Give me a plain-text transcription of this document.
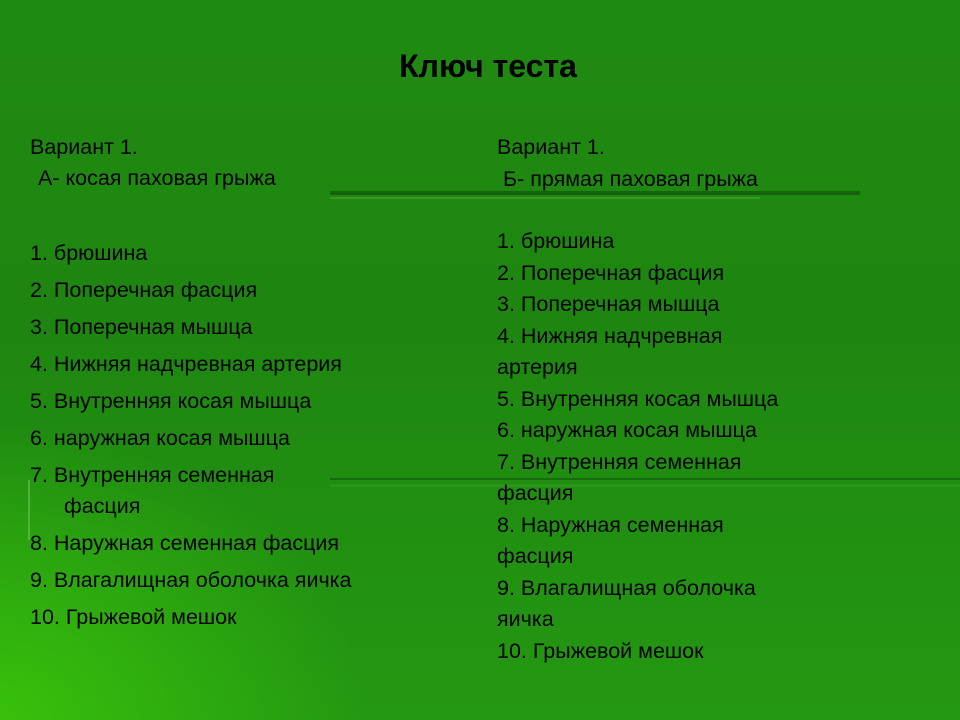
Ключ теста
Вариант 1.
А- косая паховая грыжа
1. брюшина
2. Поперечная фасция
3. Поперечная мышца
4. Нижняя надчревная артерия
5. Внутренняя косая мышца
6. наружная косая мышца
7. Внутренняя семенная
фасция
8. Наружная семенная фасция
9. Влагалищная оболочка яичка
10. Грыжевой мешок
Вариант 1.
Б- прямая паховая грыжа
1. брюшина
2. Поперечная фасция
3. Поперечная мышца
4. Нижняя надчревная
артерия
5. Внутренняя косая мышца
6. наружная косая мышца
7. Внутренняя семенная
фасция
8. Наружная семенная
фасция
9. Влагалищная оболочка
яичка
10. Грыжевой мешок
